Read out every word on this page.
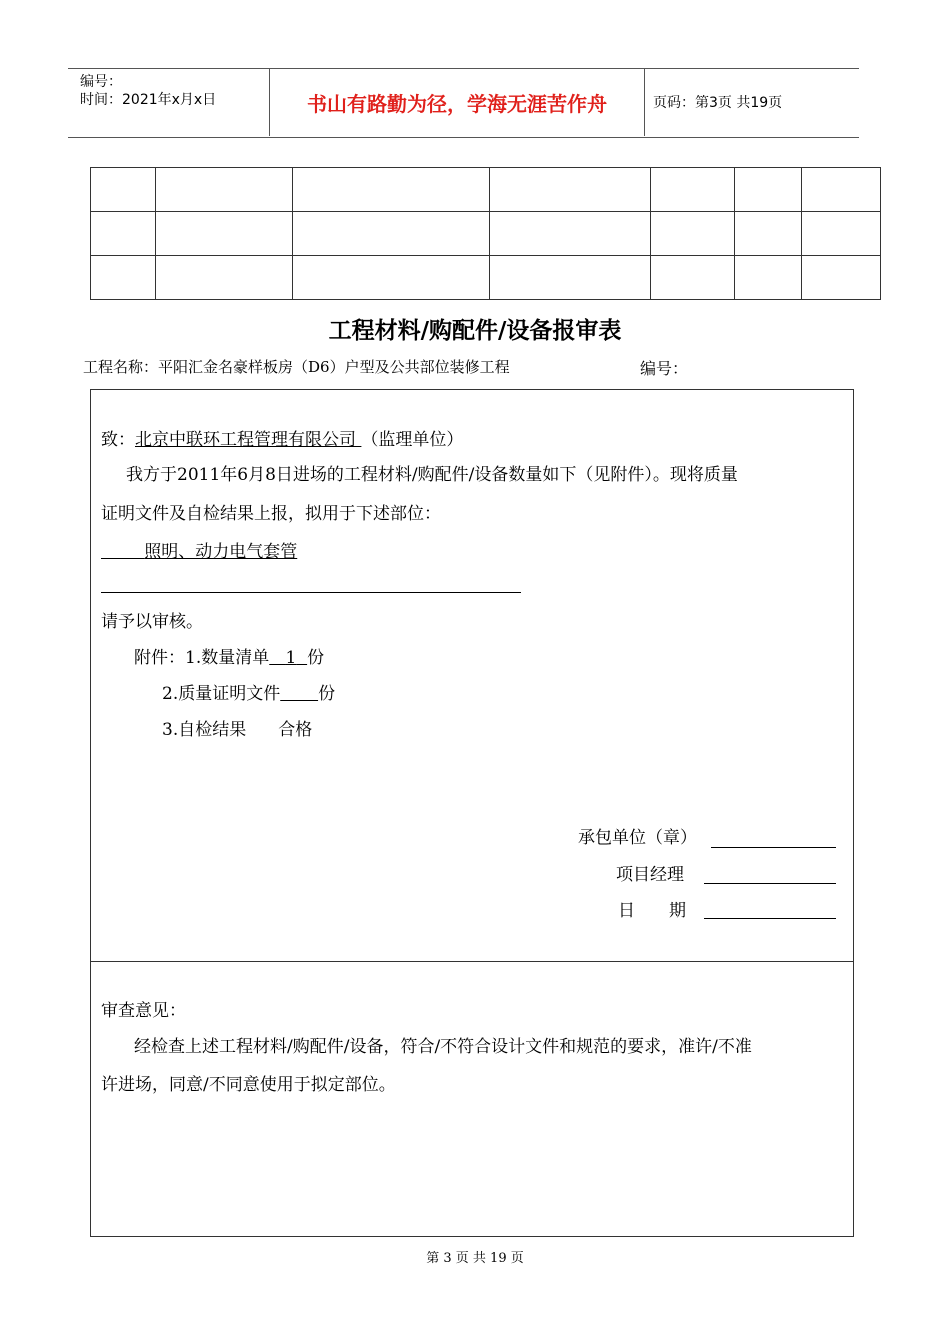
编号：
时间：2021年x月x日	书山有路勤为径，学海无涯苦作舟	页码：第3页 共19页

工程材料/购配件/设备报审表
工程名称：平阳汇金名豪样板房（D6）户型及公共部位装修工程	编号：
致：北京中联环工程管理有限公司 （监理单位）
我方于2011年6月8日进场的工程材料/购配件/设备数量如下（见附件）。现将质量
证明文件及自检结果上报，拟用于下述部位：
照明、动力电气套管
请予以审核。
附件：1.数量清单 1 份
2.质量证明文件 份
3.自检结果 合格
承包单位（章）
项目经理
日　　期
审查意见：
经检查上述工程材料/购配件/设备，符合/不符合设计文件和规范的要求，准许/不准
许进场，同意/不同意使用于拟定部位。
第 3 页 共 19 页
